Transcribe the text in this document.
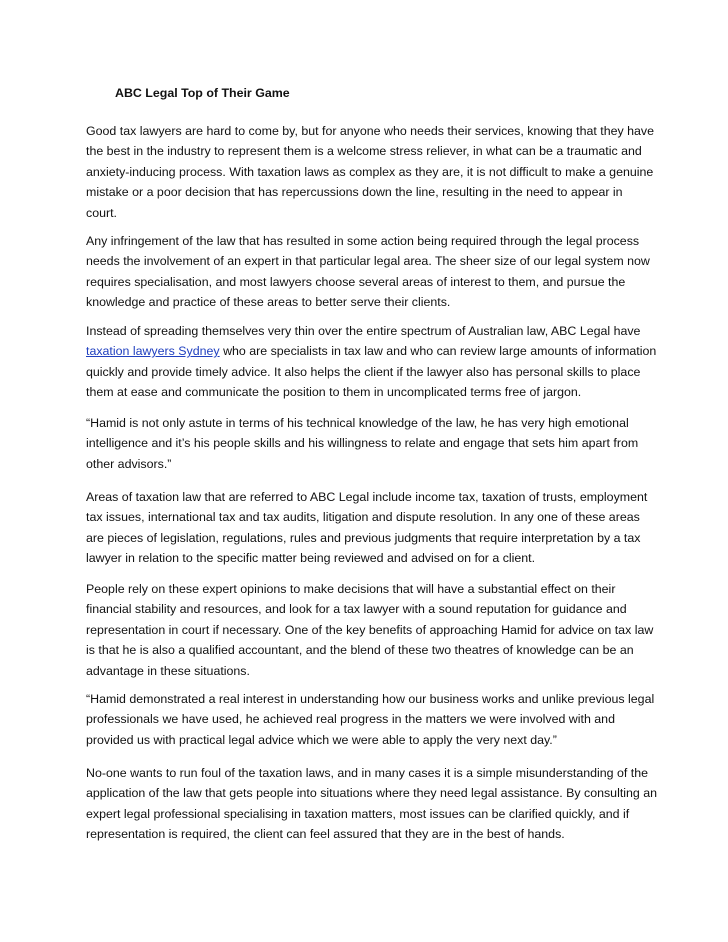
ABC Legal Top of Their Game
Good tax lawyers are hard to come by, but for anyone who needs their services, knowing that they have
the best in the industry to represent them is a welcome stress reliever, in what can be a traumatic and
anxiety-inducing process. With taxation laws as complex as they are, it is not difficult to make a genuine
mistake or a poor decision that has repercussions down the line, resulting in the need to appear in
court.
Any infringement of the law that has resulted in some action being required through the legal process
needs the involvement of an expert in that particular legal area. The sheer size of our legal system now
requires specialisation, and most lawyers choose several areas of interest to them, and pursue the
knowledge and practice of these areas to better serve their clients.
Instead of spreading themselves very thin over the entire spectrum of Australian law, ABC Legal have
taxation lawyers Sydney who are specialists in tax law and who can review large amounts of information
quickly and provide timely advice. It also helps the client if the lawyer also has personal skills to place
them at ease and communicate the position to them in uncomplicated terms free of jargon.
“Hamid is not only astute in terms of his technical knowledge of the law, he has very high emotional
intelligence and it’s his people skills and his willingness to relate and engage that sets him apart from
other advisors.”
Areas of taxation law that are referred to ABC Legal include income tax, taxation of trusts, employment
tax issues, international tax and tax audits, litigation and dispute resolution. In any one of these areas
are pieces of legislation, regulations, rules and previous judgments that require interpretation by a tax
lawyer in relation to the specific matter being reviewed and advised on for a client.
People rely on these expert opinions to make decisions that will have a substantial effect on their
financial stability and resources, and look for a tax lawyer with a sound reputation for guidance and
representation in court if necessary. One of the key benefits of approaching Hamid for advice on tax law
is that he is also a qualified accountant, and the blend of these two theatres of knowledge can be an
advantage in these situations.
“Hamid demonstrated a real interest in understanding how our business works and unlike previous legal
professionals we have used, he achieved real progress in the matters we were involved with and
provided us with practical legal advice which we were able to apply the very next day.”
No-one wants to run foul of the taxation laws, and in many cases it is a simple misunderstanding of the
application of the law that gets people into situations where they need legal assistance. By consulting an
expert legal professional specialising in taxation matters, most issues can be clarified quickly, and if
representation is required, the client can feel assured that they are in the best of hands.
